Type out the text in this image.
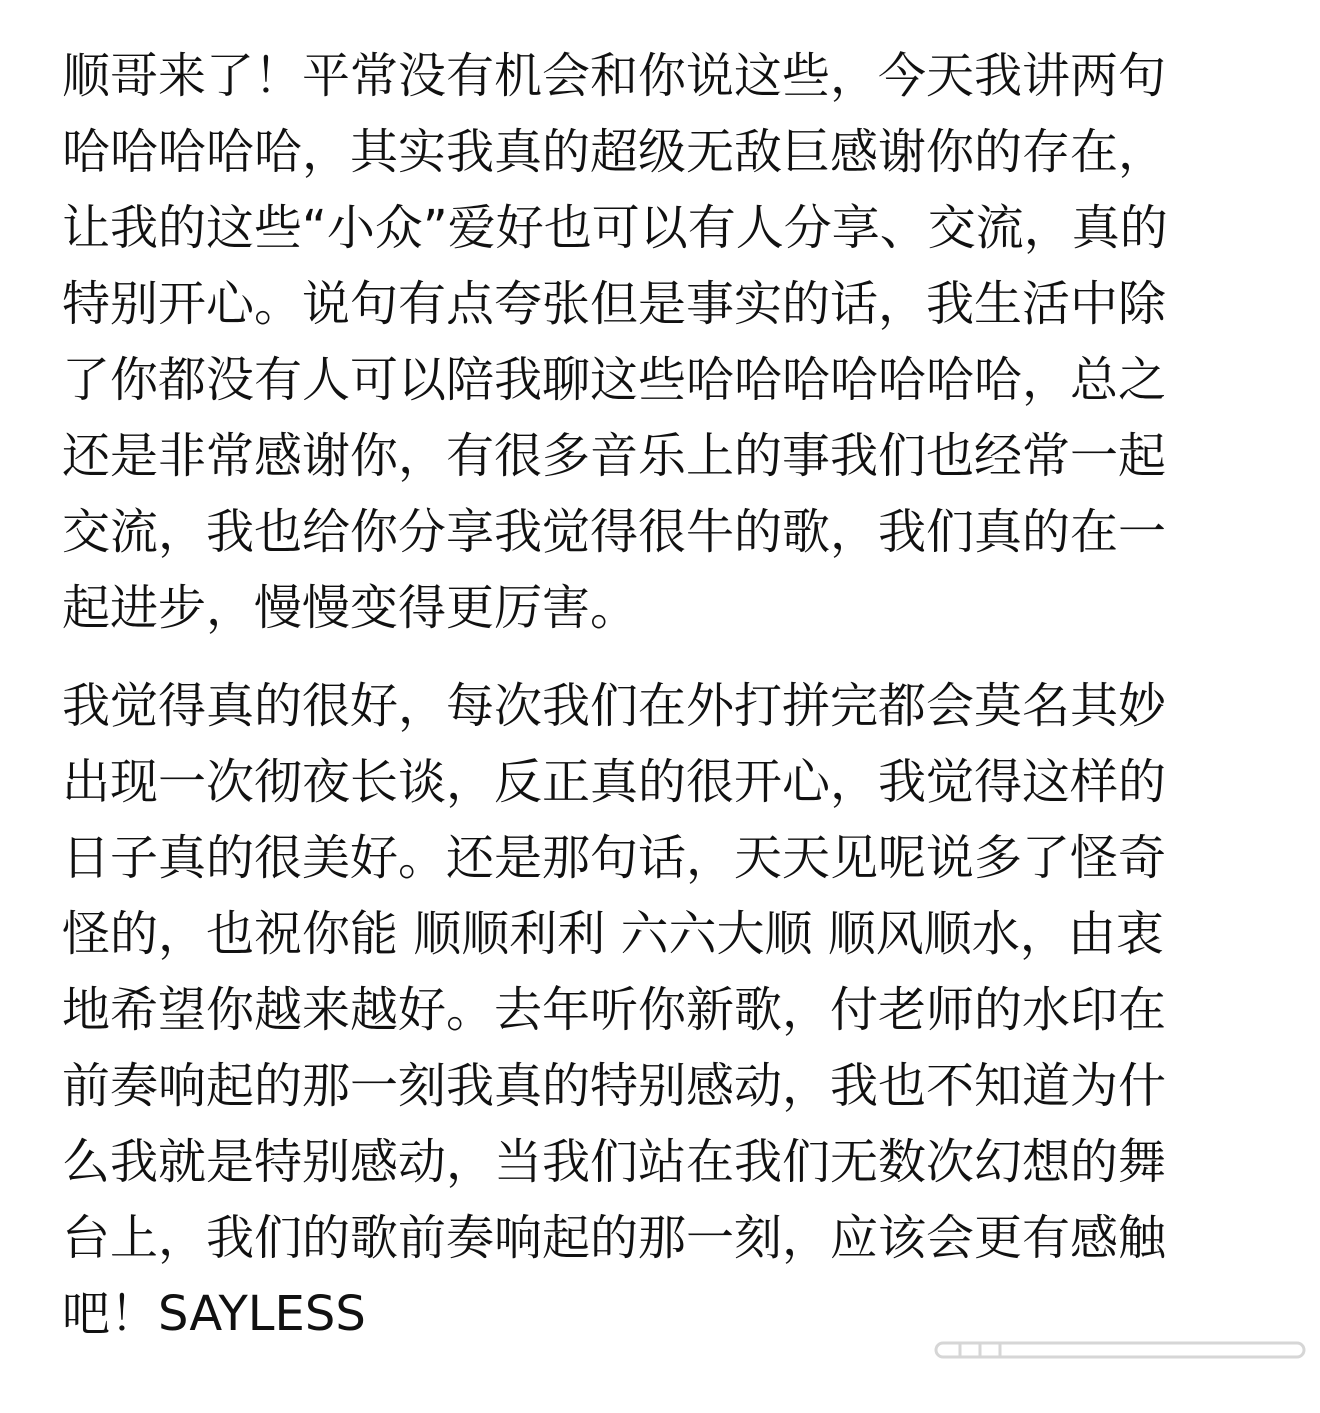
顺哥来了！平常没有机会和你说这些，今天我讲两句
哈哈哈哈哈，其实我真的超级无敌巨感谢你的存在，
让我的这些“小众”爱好也可以有人分享、交流，真的
特别开心。说句有点夸张但是事实的话，我生活中除
了你都没有人可以陪我聊这些哈哈哈哈哈哈哈，总之
还是非常感谢你，有很多音乐上的事我们也经常一起
交流，我也给你分享我觉得很牛的歌，我们真的在一
起进步，慢慢变得更厉害。
我觉得真的很好，每次我们在外打拼完都会莫名其妙
出现一次彻夜长谈，反正真的很开心，我觉得这样的
日子真的很美好。还是那句话，天天见呢说多了怪奇
怪的，也祝你能 顺顺利利 六六大顺 顺风顺水，由衷
地希望你越来越好。去年听你新歌，付老师的水印在
前奏响起的那一刻我真的特别感动，我也不知道为什
么我就是特别感动，当我们站在我们无数次幻想的舞
台上，我们的歌前奏响起的那一刻，应该会更有感触
吧！SAYLESS
